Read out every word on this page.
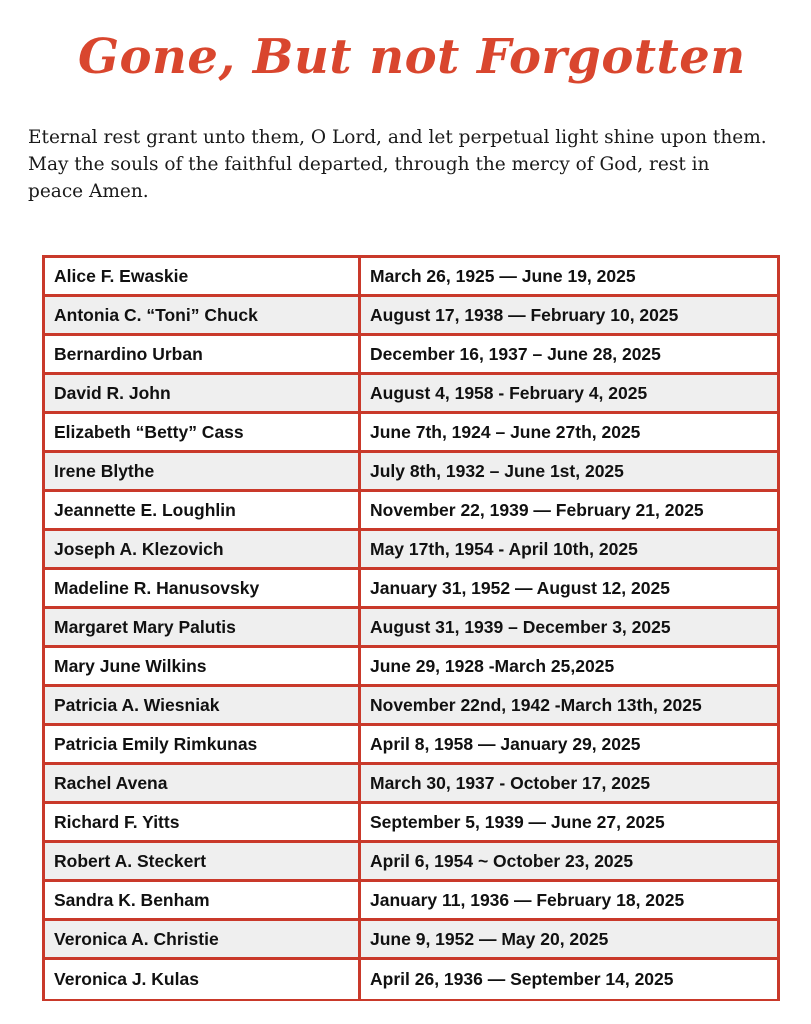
Gone, But not Forgotten

Eternal rest grant unto them, O Lord, and let perpetual light shine upon them. May the souls of the faithful departed, through the mercy of God, rest in peace Amen.

Alice F. Ewaskie	March 26, 1925 — June 19, 2025
Antonia C. “Toni” Chuck	August 17, 1938 — February 10, 2025
Bernardino Urban	December 16, 1937 – June 28, 2025
David R. John	August 4, 1958 - February 4, 2025
Elizabeth “Betty” Cass	June 7th, 1924 – June 27th, 2025
Irene Blythe	July 8th, 1932 – June 1st, 2025
Jeannette E. Loughlin	November 22, 1939 — February 21, 2025
Joseph A. Klezovich	May 17th, 1954 - April 10th, 2025
Madeline R. Hanusovsky	January 31, 1952 — August 12, 2025
Margaret Mary Palutis	August 31, 1939 – December 3, 2025
Mary June Wilkins	June 29, 1928 -March 25,2025
Patricia A. Wiesniak	November 22nd, 1942 -March 13th, 2025
Patricia Emily Rimkunas	April 8, 1958 — January 29, 2025
Rachel Avena	March 30, 1937 - October 17, 2025
Richard F. Yitts	September 5, 1939 — June 27, 2025
Robert A. Steckert	April 6, 1954 ~ October 23, 2025
Sandra K. Benham	January 11, 1936 — February 18, 2025
Veronica A. Christie	June 9, 1952 — May 20, 2025
Veronica J. Kulas	April 26, 1936 — September 14, 2025
